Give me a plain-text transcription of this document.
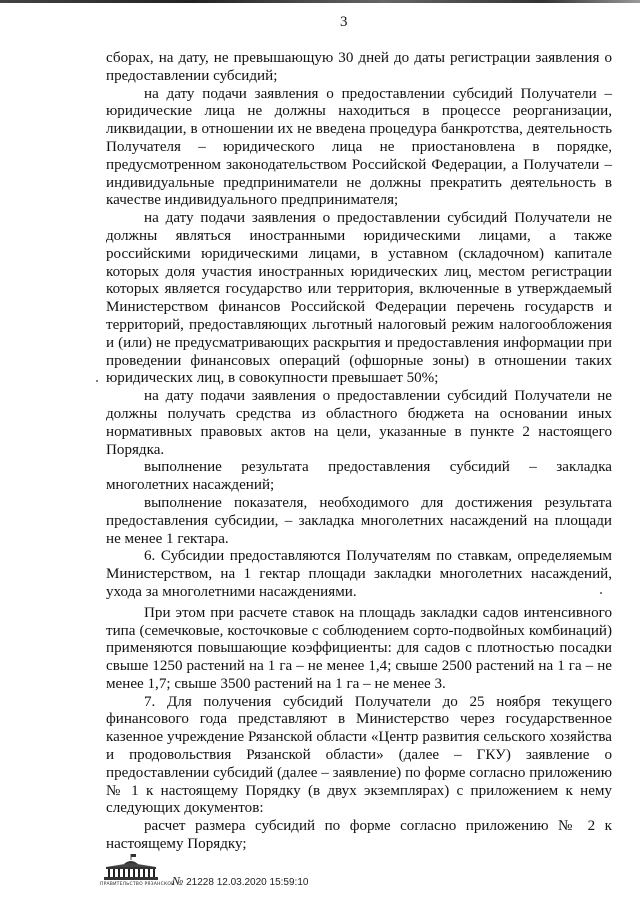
3

сборах, на дату, не превышающую 30 дней до даты регистрации заявления о предоставлении субсидий;

на дату подачи заявления о предоставлении субсидий Получатели – юридические лица не должны находиться в процессе реорганизации, ликвидации, в отношении их не введена процедура банкротства, деятельность Получателя – юридического лица не приостановлена в порядке, предусмотренном законодательством Российской Федерации, а Получатели – индивидуальные предприниматели не должны прекратить деятельность в качестве индивидуального предпринимателя;

на дату подачи заявления о предоставлении субсидий Получатели не должны являться иностранными юридическими лицами, а также российскими юридическими лицами, в уставном (складочном) капитале которых доля участия иностранных юридических лиц, местом регистрации которых является государство или территория, включенные в утверждаемый Министерством финансов Российской Федерации перечень государств и территорий, предоставляющих льготный налоговый режим налогообложения и (или) не предусматривающих раскрытия и предоставления информации при проведении финансовых операций (офшорные зоны) в отношении таких юридических лиц, в совокупности превышает 50%;

на дату подачи заявления о предоставлении субсидий Получатели не должны получать средства из областного бюджета на основании иных нормативных правовых актов на цели, указанные в пункте 2 настоящего Порядка.

выполнение результата предоставления субсидий – закладка многолетних насаждений;

выполнение показателя, необходимого для достижения результата предоставления субсидии, – закладка многолетних насаждений на площади не менее 1 гектара.

6. Субсидии предоставляются Получателям по ставкам, определяемым Министерством, на 1 гектар площади закладки многолетних насаждений, ухода за многолетними насаждениями.

При этом при расчете ставок на площадь закладки садов интенсивного типа (семечковые, косточковые с соблюдением сорто-подвойных комбинаций) применяются повышающие коэффициенты: для садов с плотностью посадки свыше 1250 растений на 1 га – не менее 1,4; свыше 2500 растений на 1 га – не менее 1,7; свыше 3500 растений на 1 га – не менее 3.

7. Для получения субсидий Получатели до 25 ноября текущего финансового года представляют в Министерство через государственное казенное учреждение Рязанской области «Центр развития сельского хозяйства и продовольствия Рязанской области» (далее – ГКУ) заявление о предоставлении субсидий (далее – заявление) по форме согласно приложению № 1 к настоящему Порядку (в двух экземплярах) с приложением к нему следующих документов:

расчет размера субсидий по форме согласно приложению № 2 к настоящему Порядку;

ПРАВИТЕЛЬСТВО РЯЗАНСКОЙ
№ 21228 12.03.2020 15:59:10
